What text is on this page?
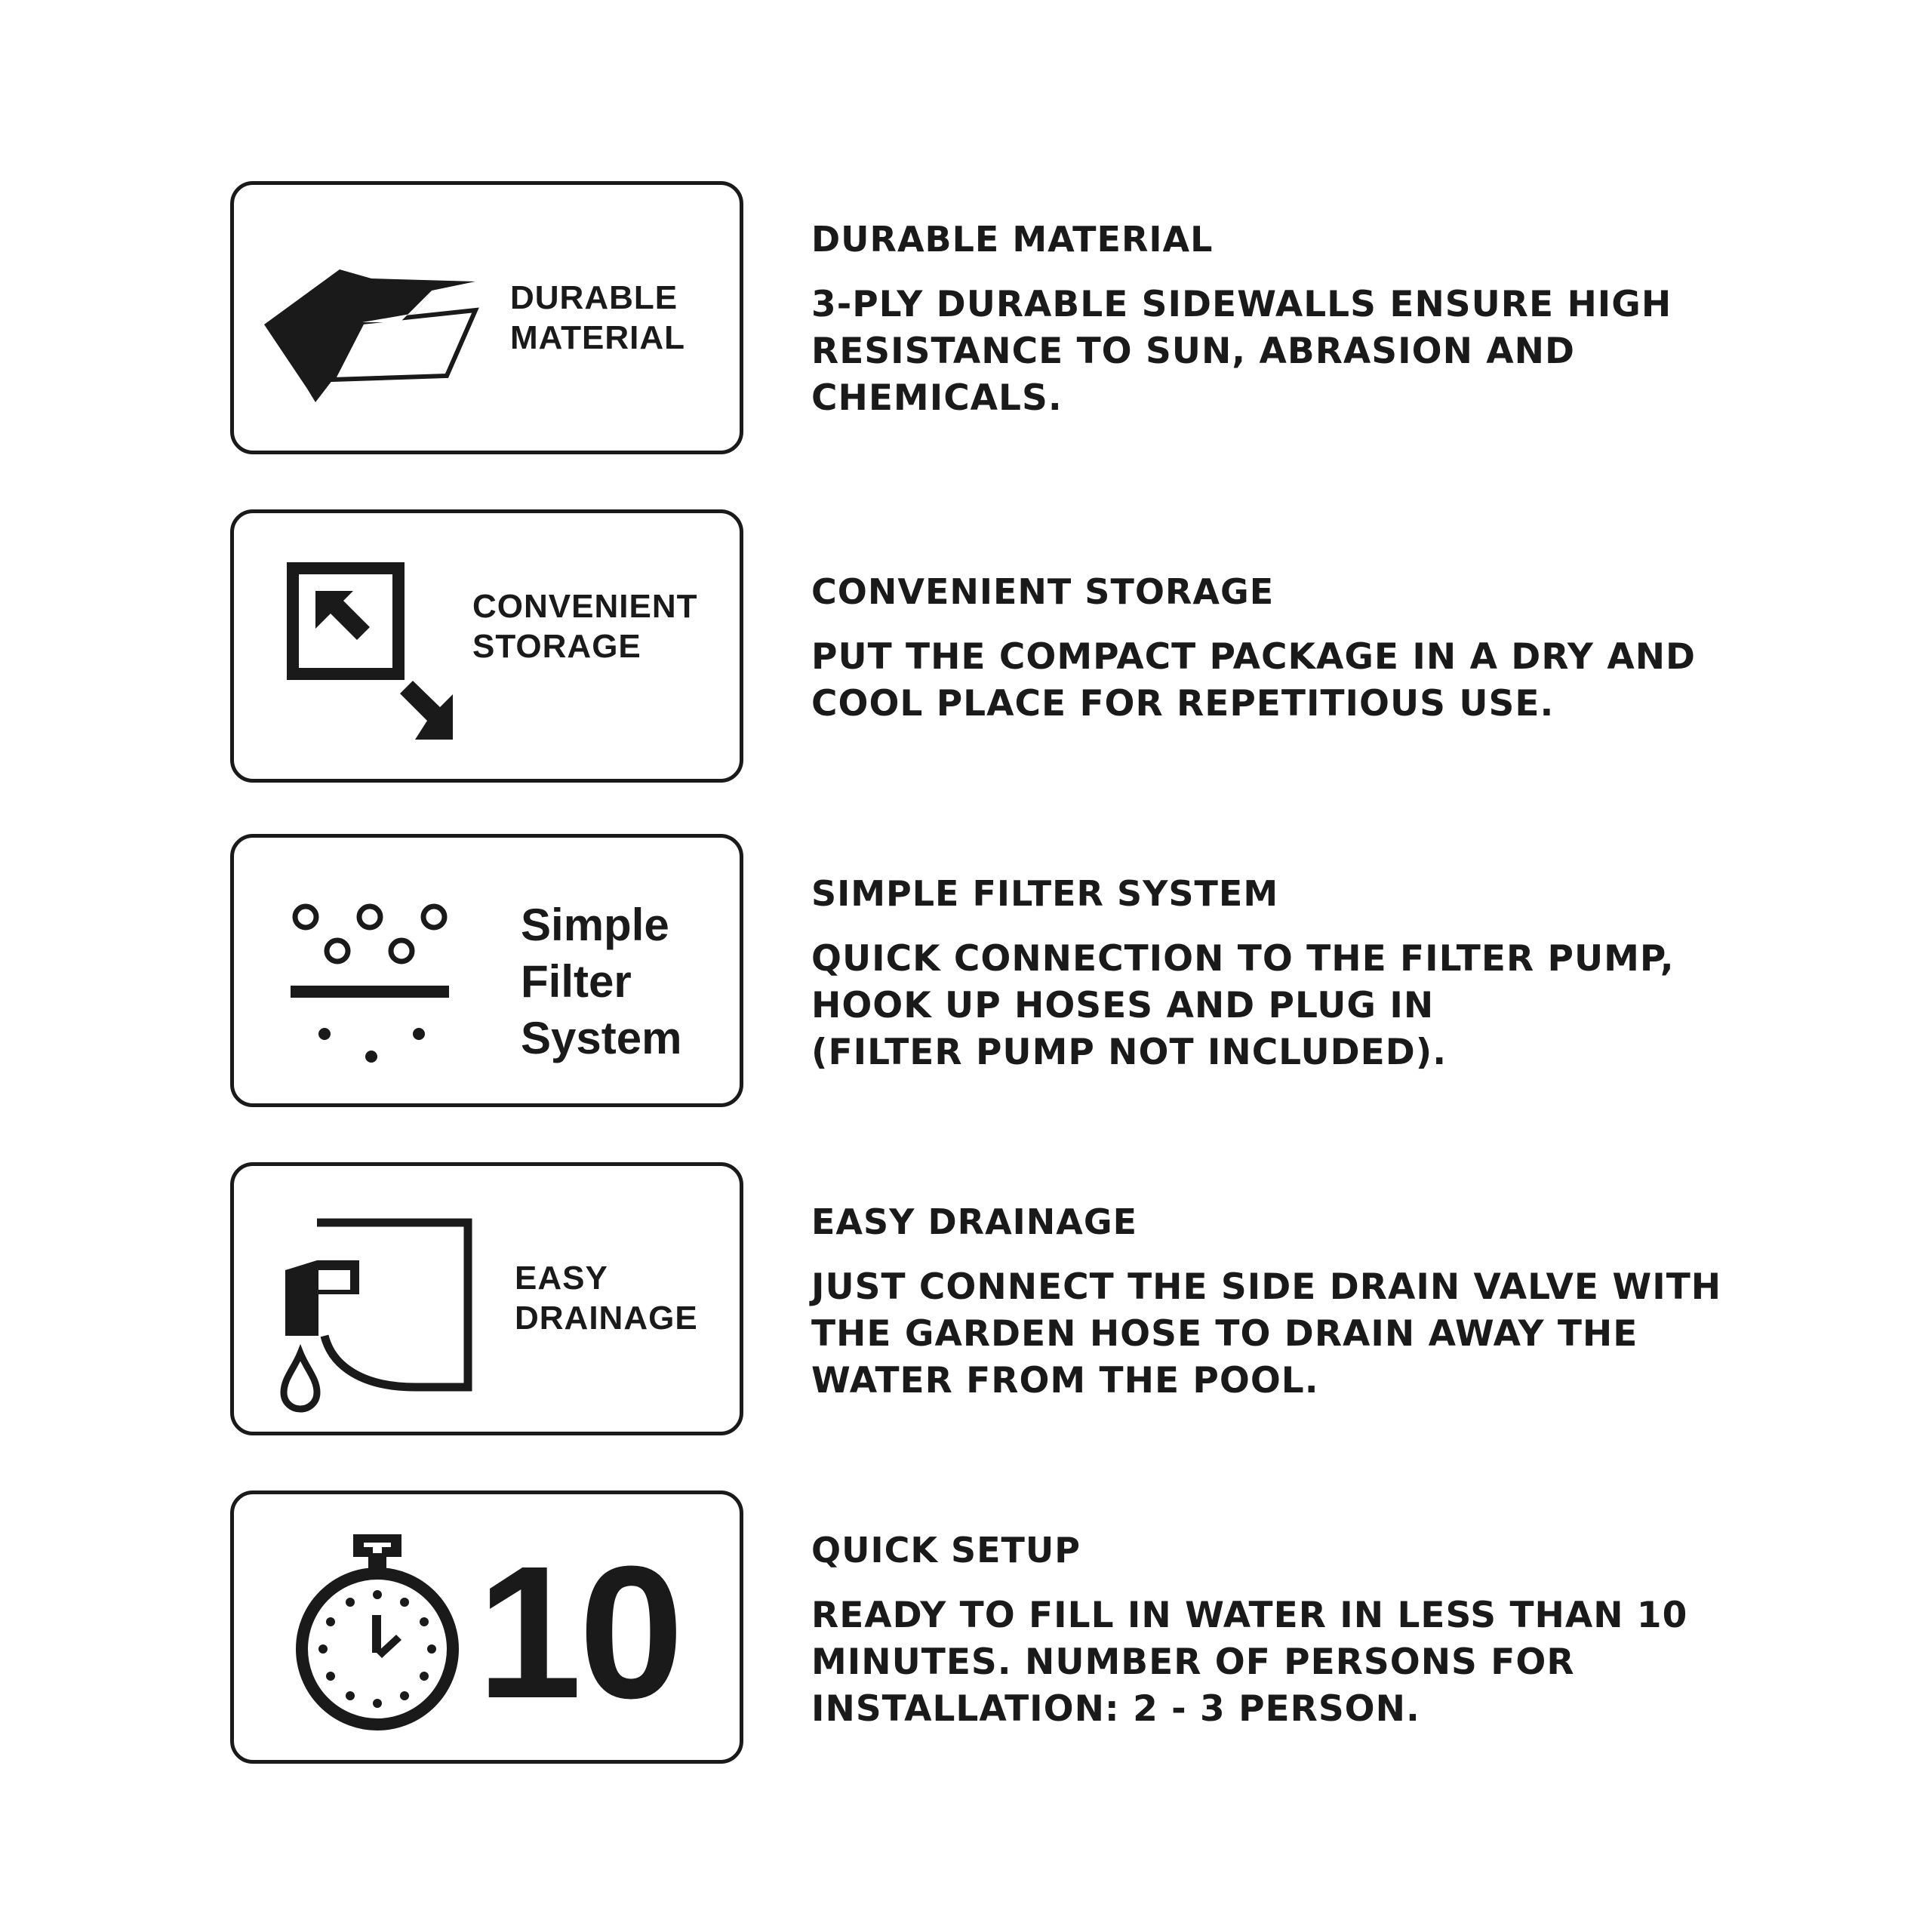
DURABLE
MATERIAL
DURABLE MATERIAL
3-PLY DURABLE SIDEWALLS ENSURE HIGH
RESISTANCE TO SUN, ABRASION AND
CHEMICALS.
CONVENIENT
STORAGE
CONVENIENT STORAGE
PUT THE COMPACT PACKAGE IN A DRY AND
COOL PLACE FOR REPETITIOUS USE.
Simple
Filter
System
SIMPLE FILTER SYSTEM
QUICK CONNECTION TO THE FILTER PUMP,
HOOK UP HOSES AND PLUG IN
(FILTER PUMP NOT INCLUDED).
EASY
DRAINAGE
EASY DRAINAGE
JUST CONNECT THE SIDE DRAIN VALVE WITH
THE GARDEN HOSE TO DRAIN AWAY THE
WATER FROM THE POOL.
10	QUICK SETUP
READY TO FILL IN WATER IN LESS THAN 10
MINUTES. NUMBER OF PERSONS FOR
INSTALLATION: 2 - 3 PERSON.
